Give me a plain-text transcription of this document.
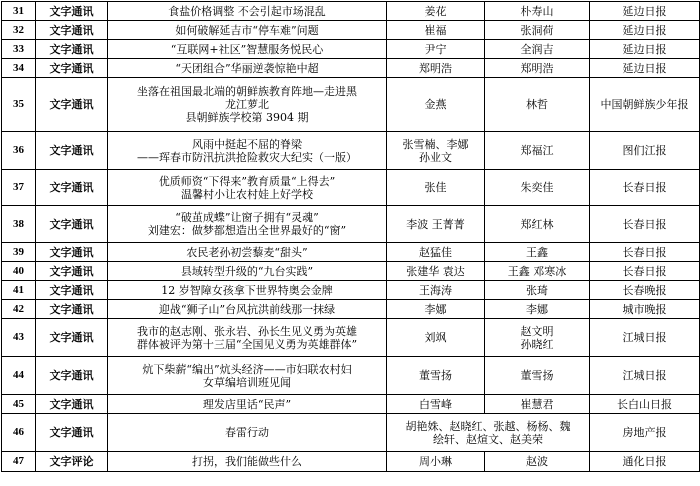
31	文字通讯	食盐价格调整 不会引起市场混乱	姜花	朴寿山	延边日报
32	文字通讯	如何破解延吉市“停车难”问题	崔福	张洞荷	延边日报
33	文字通讯	“互联网+社区”智慧服务悦民心	尹宁	全润吉	延边日报
34	文字通讯	“天团组合”华丽逆袭惊艳中超	郑明浩	郑明浩	延边日报
35	文字通讯	坐落在祖国最北端的朝鲜族教育阵地—走进黑
龙江萝北
县朝鲜族学校第 3904 期	金燕	林哲	中国朝鲜族少年报
36	文字通讯	风雨中挺起不屈的脊梁
——珲春市防汛抗洪抢险救灾大纪实（一版）	张雪楠、李娜
孙业文	郑福江	图们江报
37	文字通讯	优质师资“下得来”教育质量“上得去”
温馨村小让农村娃上好学校	张佳	朱奕佳	长春日报
38	文字通讯	“破茧成蝶”让窗子拥有“灵魂”
刘建宏：做梦都想造出全世界最好的“窗”	李波 王菁菁	郑红林	长春日报
39	文字通讯	农民老孙初尝藜麦“甜头”	赵猛佳	王鑫	长春日报
40	文字通讯	县域转型升级的“九台实践”	张建华 袁达	王鑫 邓寒冰	长春日报
41	文字通讯	12 岁智障女孩拿下世界特奥会金牌	王海涛	张琦	长春晚报
42	文字通讯	迎战“狮子山”台风抗洪前线那一抹绿	李娜	李娜	城市晚报
43	文字通讯	我市的赵志刚、张永岩、孙长生见义勇为英雄
群体被评为第十三届“全国见义勇为英雄群体”	刘飒	赵文明
孙晓红	江城日报
44	文字通讯	炕下柴薪“编出”炕头经济——市妇联农村妇
女草编培训班见闻	董雪扬	董雪扬	江城日报
45	文字通讯	理发店里话“民声”	白雪峰	崔慧君	长白山日报
46	文字通讯	春雷行动	胡艳姝、赵晓红、张越、杨杨、魏
绘轩、赵煊文、赵美荣		房地产报
47	文字评论	打拐，我们能做些什么	周小琳	赵波	通化日报
